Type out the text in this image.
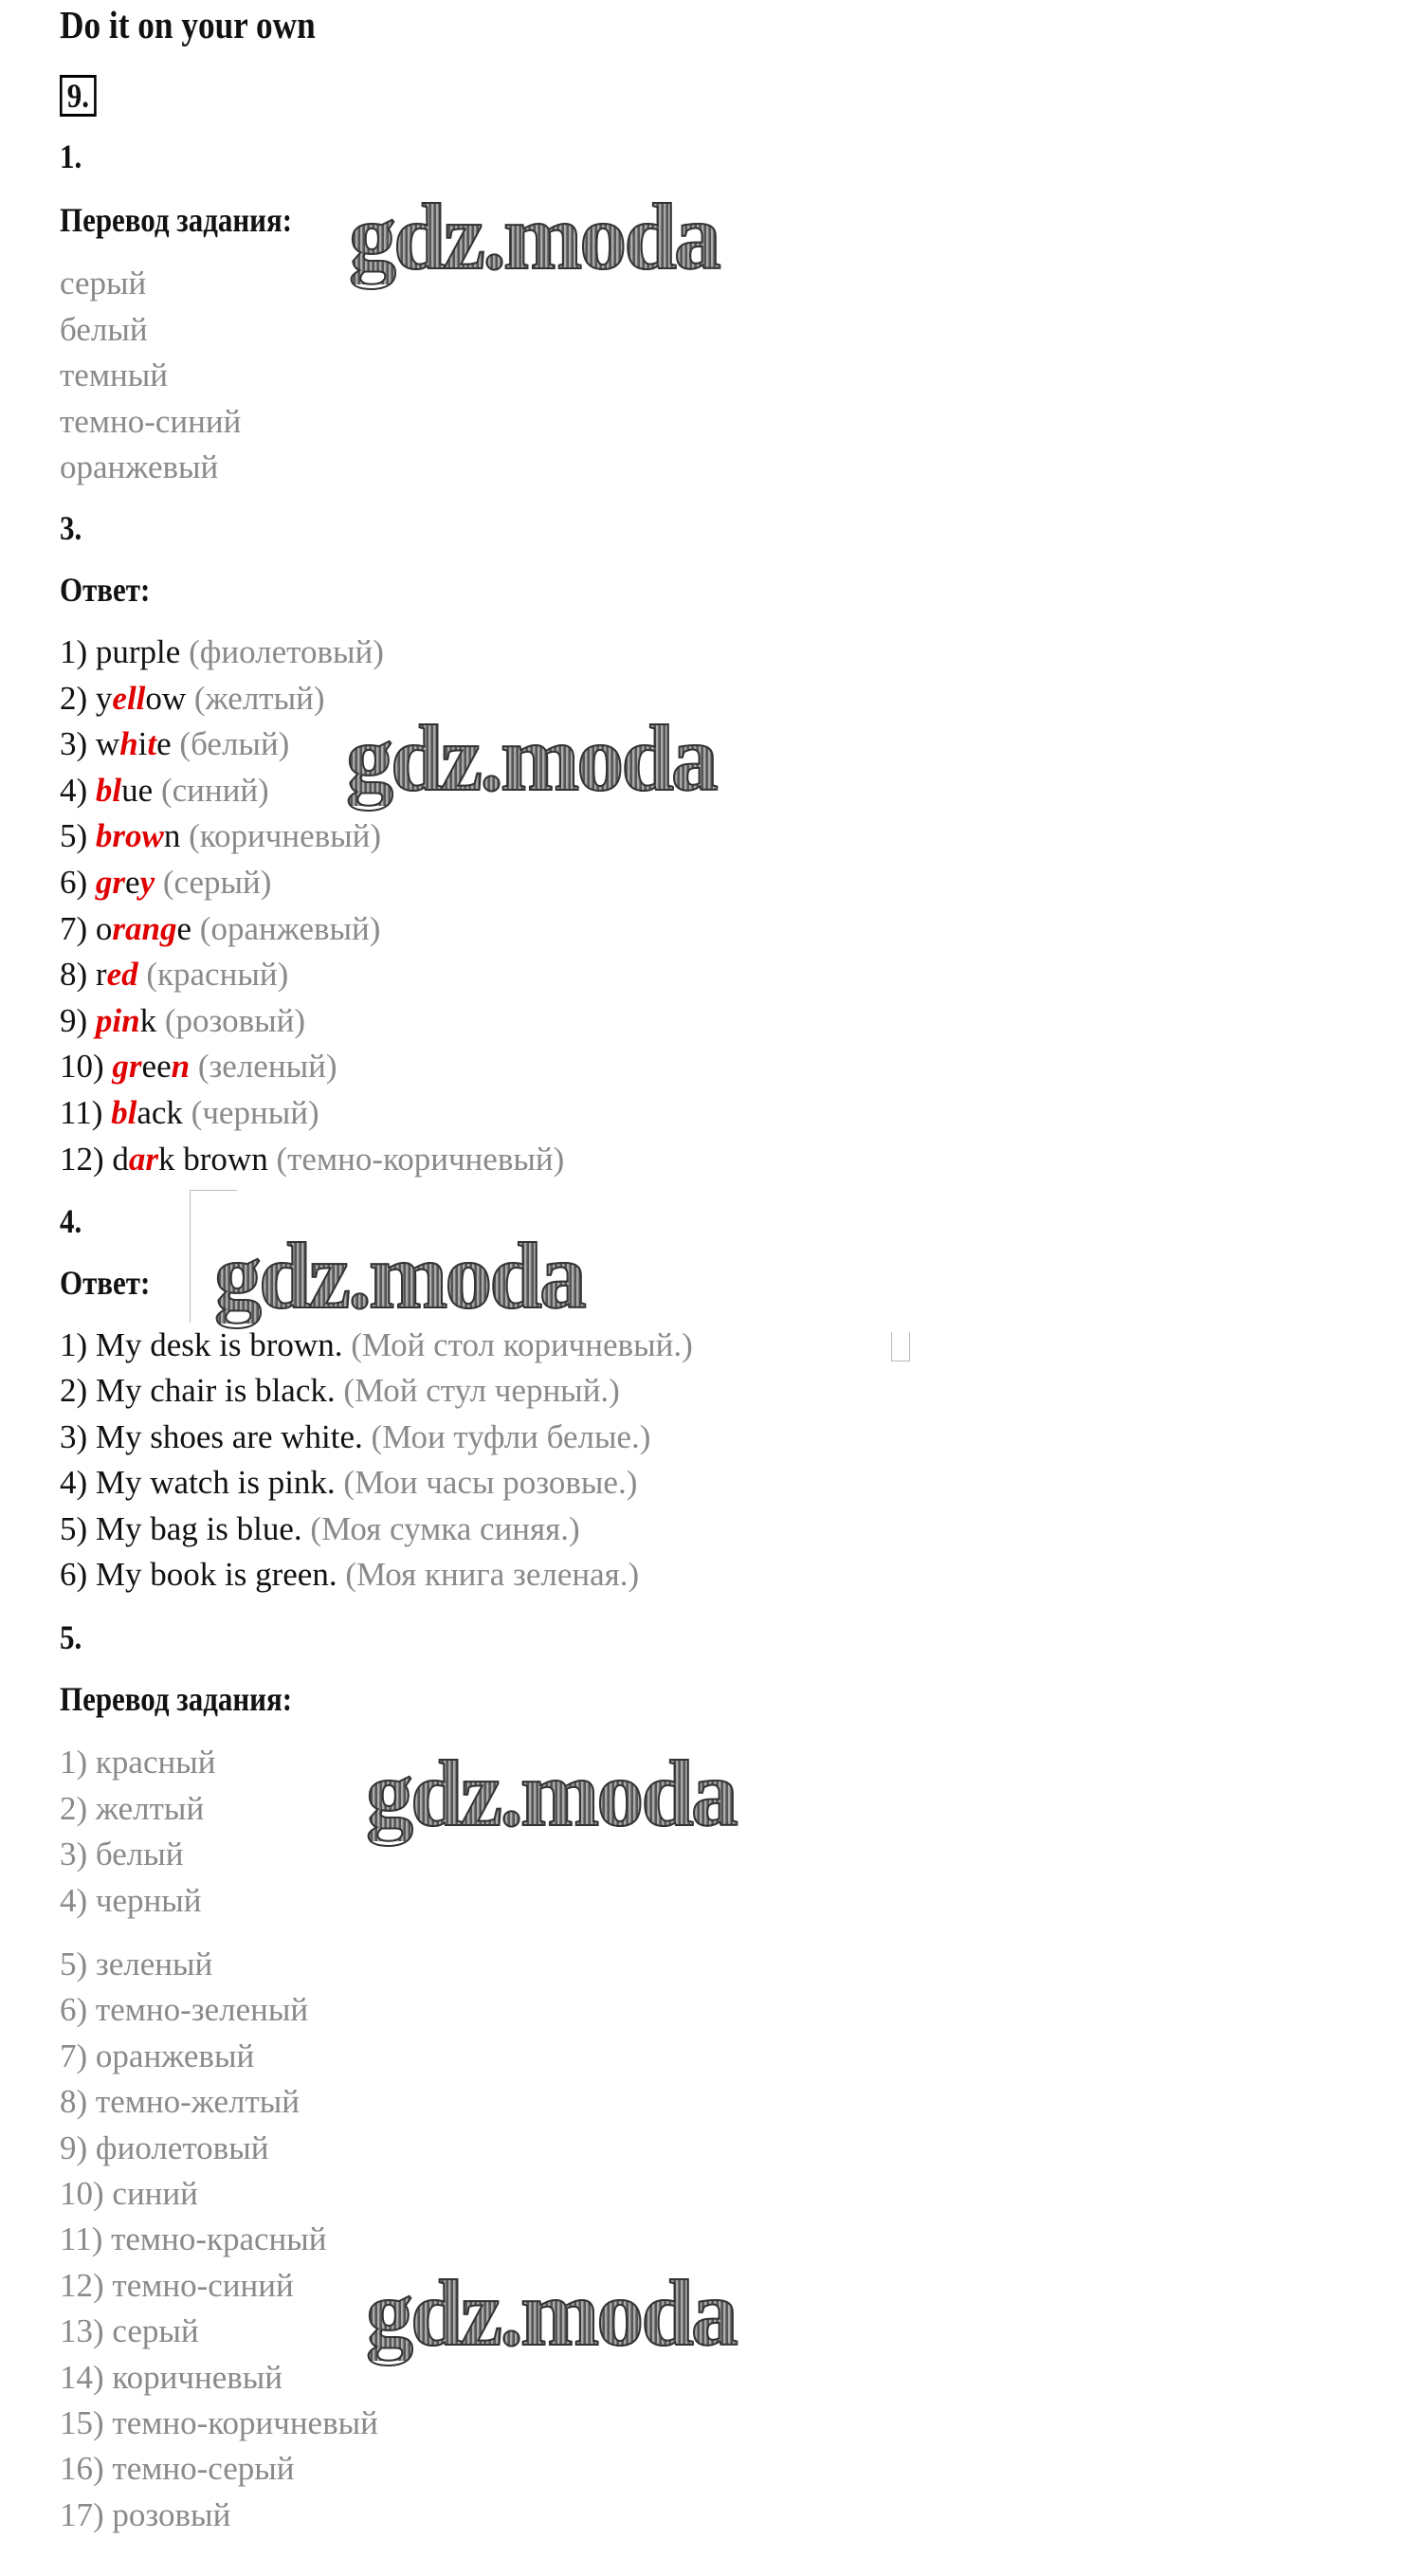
Do it on your own
9.
1.
Перевод задания:
серый
белый
темный
темно-синий
оранжевый
3.
Ответ:
1) purple (фиолетовый)
2) yellow (желтый)
3) white (белый)
4) blue (синий)
5) brown (коричневый)
6) grey (серый)
7) orange (оранжевый)
8) red (красный)
9) pink (розовый)
10) green (зеленый)
11) black (черный)
12) dark brown (темно-коричневый)
4.
Ответ:
1) My desk is brown. (Мой стол коричневый.)
2) My chair is black. (Мой стул черный.)
3) My shoes are white. (Мои туфли белые.)
4) My watch is pink. (Мои часы розовые.)
5) My bag is blue. (Моя сумка синяя.)
6) My book is green. (Моя книга зеленая.)
5.
Перевод задания:
1) красный
2) желтый
3) белый
4) черный
5) зеленый
6) темно-зеленый
7) оранжевый
8) темно-желтый
9) фиолетовый
10) синий
11) темно-красный
12) темно-синий
13) серый
14) коричневый
15) темно-коричневый
16) темно-серый
17) розовый
gdz.moda
gdz.moda
gdz.moda
gdz.moda
gdz.moda
